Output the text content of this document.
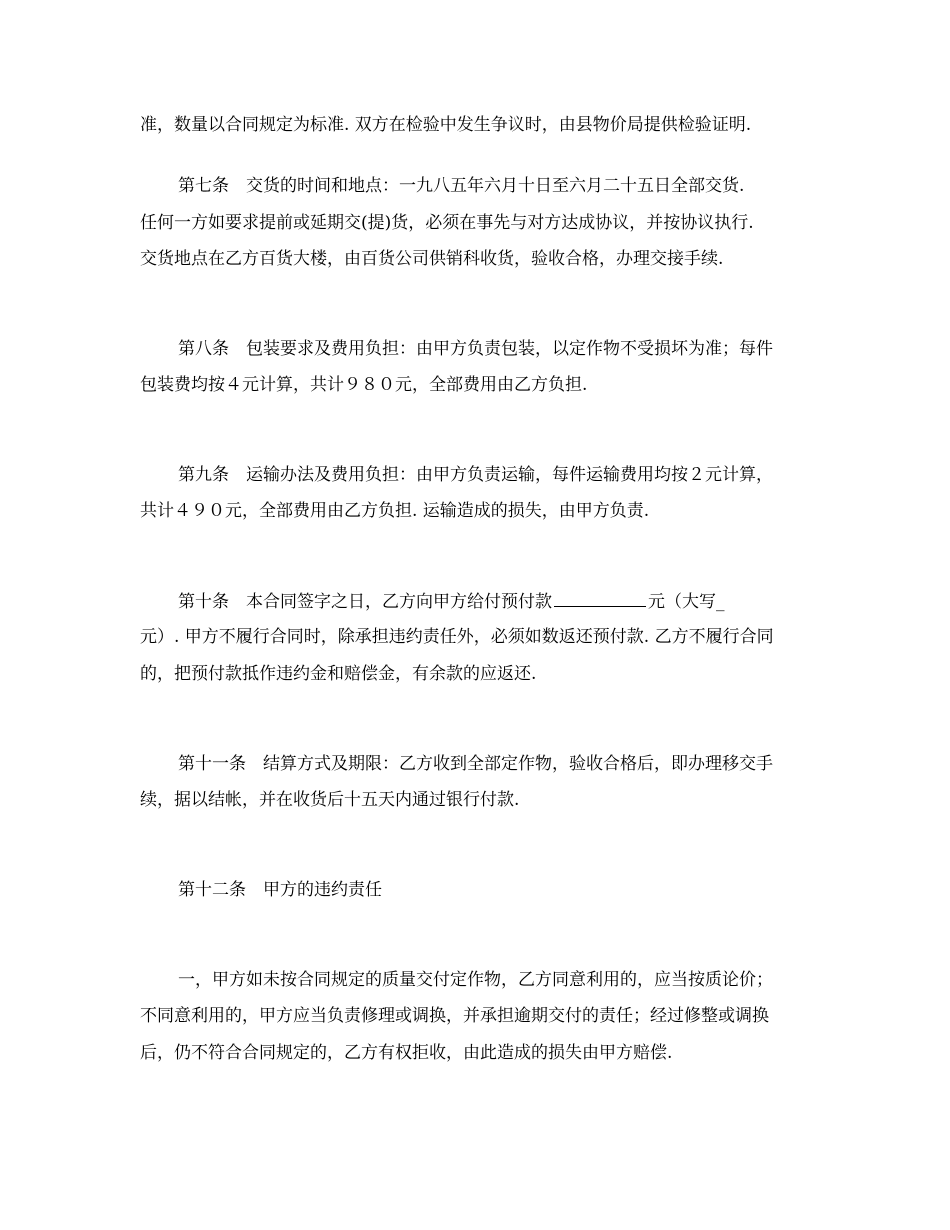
准，数量以合同规定为标准. 双方在检验中发生争议时，由县物价局提供检验证明.
第七条　交货的时间和地点：一九八五年六月十日至六月二十五日全部交货.
任何一方如要求提前或延期交(提)货，必须在事先与对方达成协议，并按协议执行.
交货地点在乙方百货大楼，由百货公司供销科收货，验收合格，办理交接手续.
第八条　包装要求及费用负担：由甲方负责包装，以定作物不受损坏为准；每件
包装费均按４元计算，共计９８０元，全部费用由乙方负担.
第九条　运输办法及费用负担：由甲方负责运输，每件运输费用均按２元计算，
共计４９０元，全部费用由乙方负担. 运输造成的损失，由甲方负责.
第十条　本合同签字之日，乙方向甲方给付预付款	元（大写_
元）. 甲方不履行合同时，除承担违约责任外，必须如数返还预付款. 乙方不履行合同
的，把预付款抵作违约金和赔偿金，有余款的应返还.
第十一条　结算方式及期限：乙方收到全部定作物，验收合格后，即办理移交手
续，据以结帐，并在收货后十五天内通过银行付款.
第十二条　甲方的违约责任
一，甲方如未按合同规定的质量交付定作物，乙方同意利用的，应当按质论价；
不同意利用的，甲方应当负责修理或调换，并承担逾期交付的责任；经过修整或调换
后，仍不符合合同规定的，乙方有权拒收，由此造成的损失由甲方赔偿.
